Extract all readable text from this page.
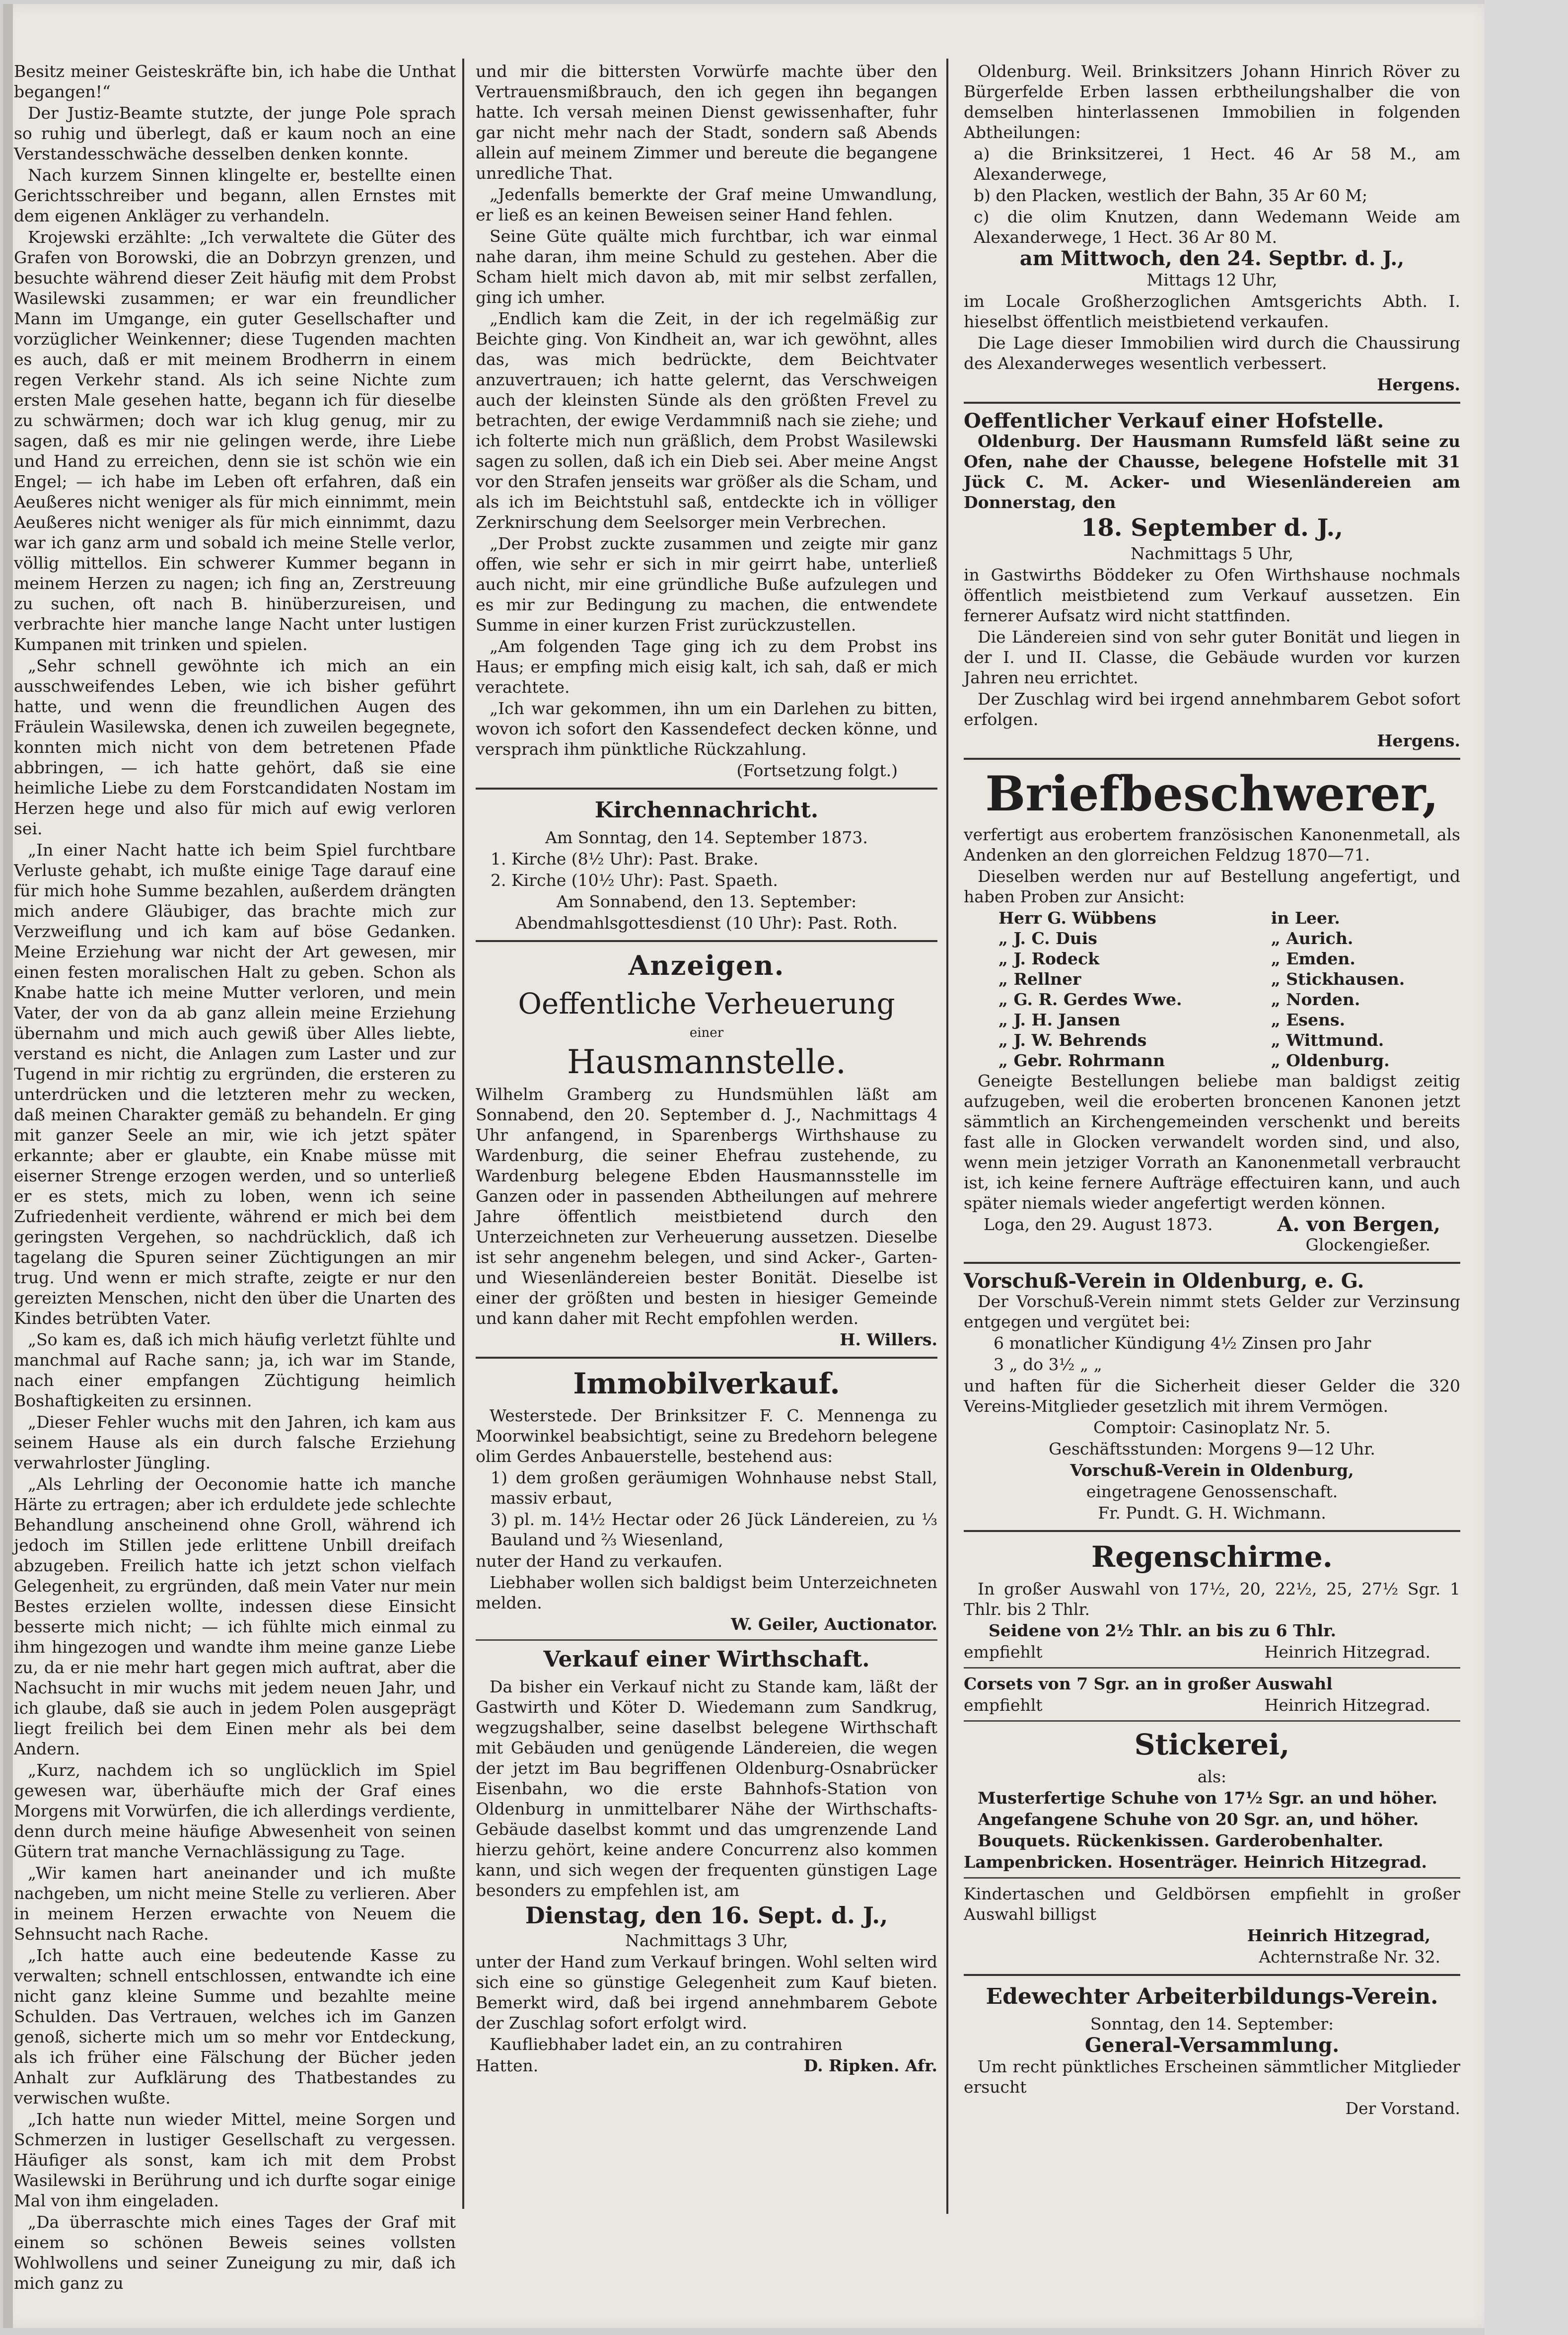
Besitz meiner Geisteskräfte bin, ich habe die Unthat begangen!“

Der Justiz-Beamte stutzte, der junge Pole sprach so ruhig und überlegt, daß er kaum noch an eine Verstandesschwäche desselben denken konnte.

Nach kurzem Sinnen klingelte er, bestellte einen Gerichtsschreiber und begann, allen Ernstes mit dem eigenen Ankläger zu verhandeln.

Krojewski erzählte: „Ich verwaltete die Güter des Grafen von Borowski, die an Dobrzyn grenzen, und besuchte während dieser Zeit häufig mit dem Probst Wasilewski zusammen; er war ein freundlicher Mann im Umgange, ein guter Gesellschafter und vorzüglicher Weinkenner; diese Tugenden machten es auch, daß er mit meinem Brodherrn in einem regen Verkehr stand. Als ich seine Nichte zum ersten Male gesehen hatte, begann ich für dieselbe zu schwärmen; doch war ich klug genug, mir zu sagen, daß es mir nie gelingen werde, ihre Liebe und Hand zu erreichen, denn sie ist schön wie ein Engel; — ich habe im Leben oft erfahren, daß ein Aeußeres nicht weniger als für mich einnimmt, mein Aeußeres nicht weniger als für mich einnimmt, dazu war ich ganz arm und sobald ich meine Stelle verlor, völlig mittellos. Ein schwerer Kummer begann in meinem Herzen zu nagen; ich fing an, Zerstreuung zu suchen, oft nach B. hinüberzureisen, und verbrachte hier manche lange Nacht unter lustigen Kumpanen mit trinken und spielen.

„Sehr schnell gewöhnte ich mich an ein ausschweifendes Leben, wie ich bisher geführt hatte, und wenn die freundlichen Augen des Fräulein Wasilewska, denen ich zuweilen begegnete, konnten mich nicht von dem betretenen Pfade abbringen, — ich hatte gehört, daß sie eine heimliche Liebe zu dem Forstcandidaten Nostam im Herzen hege und also für mich auf ewig verloren sei.

„In einer Nacht hatte ich beim Spiel furchtbare Verluste gehabt, ich mußte einige Tage darauf eine für mich hohe Summe bezahlen, außerdem drängten mich andere Gläubiger, das brachte mich zur Verzweiflung und ich kam auf böse Gedanken. Meine Erziehung war nicht der Art gewesen, mir einen festen moralischen Halt zu geben. Schon als Knabe hatte ich meine Mutter verloren, und mein Vater, der von da ab ganz allein meine Erziehung übernahm und mich auch gewiß über Alles liebte, verstand es nicht, die Anlagen zum Laster und zur Tugend in mir richtig zu ergründen, die ersteren zu unterdrücken und die letzteren mehr zu wecken, daß meinen Charakter gemäß zu behandeln. Er ging mit ganzer Seele an mir, wie ich jetzt später erkannte; aber er glaubte, ein Knabe müsse mit eiserner Strenge erzogen werden, und so unterließ er es stets, mich zu loben, wenn ich seine Zufriedenheit verdiente, während er mich bei dem geringsten Vergehen, so nachdrücklich, daß ich tagelang die Spuren seiner Züchtigungen an mir trug. Und wenn er mich strafte, zeigte er nur den gereizten Menschen, nicht den über die Unarten des Kindes betrübten Vater.

„So kam es, daß ich mich häufig verletzt fühlte und manchmal auf Rache sann; ja, ich war im Stande, nach einer empfangen Züchtigung heimlich Boshaftigkeiten zu ersinnen.

„Dieser Fehler wuchs mit den Jahren, ich kam aus seinem Hause als ein durch falsche Erziehung verwahrloster Jüngling.

„Als Lehrling der Oeconomie hatte ich manche Härte zu ertragen; aber ich erduldete jede schlechte Behandlung anscheinend ohne Groll, während ich jedoch im Stillen jede erlittene Unbill dreifach abzugeben. Freilich hatte ich jetzt schon vielfach Gelegenheit, zu ergründen, daß mein Vater nur mein Bestes erzielen wollte, indessen diese Einsicht besserte mich nicht; — ich fühlte mich einmal zu ihm hingezogen und wandte ihm meine ganze Liebe zu, da er nie mehr hart gegen mich auftrat, aber die Nachsucht in mir wuchs mit jedem neuen Jahr, und ich glaube, daß sie auch in jedem Polen ausgeprägt liegt freilich bei dem Einen mehr als bei dem Andern.

„Kurz, nachdem ich so unglücklich im Spiel gewesen war, überhäufte mich der Graf eines Morgens mit Vorwürfen, die ich allerdings verdiente, denn durch meine häufige Abwesenheit von seinen Gütern trat manche Vernachlässigung zu Tage.

„Wir kamen hart aneinander und ich mußte nachgeben, um nicht meine Stelle zu verlieren. Aber in meinem Herzen erwachte von Neuem die Sehnsucht nach Rache.

„Ich hatte auch eine bedeutende Kasse zu verwalten; schnell entschlossen, entwandte ich eine nicht ganz kleine Summe und bezahlte meine Schulden. Das Vertrauen, welches ich im Ganzen genoß, sicherte mich um so mehr vor Entdeckung, als ich früher eine Fälschung der Bücher jeden Anhalt zur Aufklärung des Thatbestandes zu verwischen wußte.

„Ich hatte nun wieder Mittel, meine Sorgen und Schmerzen in lustiger Gesellschaft zu vergessen. Häufiger als sonst, kam ich mit dem Probst Wasilewski in Berührung und ich durfte sogar einige Mal von ihm eingeladen.

„Da überraschte mich eines Tages der Graf mit einem so schönen Beweis seines vollsten Wohlwollens und seiner Zuneigung zu mir, daß ich mich ganz zu

und mir die bittersten Vorwürfe machte über den Vertrauensmißbrauch, den ich gegen ihn begangen hatte. Ich versah meinen Dienst gewissenhafter, fuhr gar nicht mehr nach der Stadt, sondern saß Abends allein auf meinem Zimmer und bereute die begangene unredliche That.

„Jedenfalls bemerkte der Graf meine Umwandlung, er ließ es an keinen Beweisen seiner Hand fehlen.

Seine Güte quälte mich furchtbar, ich war einmal nahe daran, ihm meine Schuld zu gestehen. Aber die Scham hielt mich davon ab, mit mir selbst zerfallen, ging ich umher.

„Endlich kam die Zeit, in der ich regelmäßig zur Beichte ging. Von Kindheit an, war ich gewöhnt, alles das, was mich bedrückte, dem Beichtvater anzuvertrauen; ich hatte gelernt, das Verschweigen auch der kleinsten Sünde als den größten Frevel zu betrachten, der ewige Verdammniß nach sie ziehe; und ich folterte mich nun gräßlich, dem Probst Wasilewski sagen zu sollen, daß ich ein Dieb sei. Aber meine Angst vor den Strafen jenseits war größer als die Scham, und als ich im Beichtstuhl saß, entdeckte ich in völliger Zerknirschung dem Seelsorger mein Verbrechen.

„Der Probst zuckte zusammen und zeigte mir ganz offen, wie sehr er sich in mir geirrt habe, unterließ auch nicht, mir eine gründliche Buße aufzulegen und es mir zur Bedingung zu machen, die entwendete Summe in einer kurzen Frist zurückzustellen.

„Am folgenden Tage ging ich zu dem Probst ins Haus; er empfing mich eisig kalt, ich sah, daß er mich verachtete.

„Ich war gekommen, ihn um ein Darlehen zu bitten, wovon ich sofort den Kassendefect decken könne, und versprach ihm pünktliche Rückzahlung.

(Fortsetzung folgt.)

Kirchennachricht.

Am Sonntag, den 14. September 1873.

1. Kirche (8½ Uhr): Past. Brake.

2. Kirche (10½ Uhr): Past. Spaeth.

Am Sonnabend, den 13. September:

Abendmahlsgottesdienst (10 Uhr): Past. Roth.

Anzeigen.
Oeffentliche Verheuerung
einer
Hausmannstelle.

Wilhelm Gramberg zu Hundsmühlen läßt am Sonnabend, den 20. September d. J., Nachmittags 4 Uhr anfangend, in Sparenbergs Wirthshause zu Wardenburg, die seiner Ehefrau zustehende, zu Wardenburg belegene Ebden Hausmannsstelle im Ganzen oder in passenden Abtheilungen auf mehrere Jahre öffentlich meistbietend durch den Unterzeichneten zur Verheuerung aussetzen. Dieselbe ist sehr angenehm belegen, und sind Acker-, Garten- und Wiesenländereien bester Bonität. Dieselbe ist einer der größten und besten in hiesiger Gemeinde und kann daher mit Recht empfohlen werden.

H. Willers.

Immobilverkauf.

Westerstede. Der Brinksitzer F. C. Mennenga zu Moorwinkel beabsichtigt, seine zu Bredehorn belegene olim Gerdes Anbauerstelle, bestehend aus:

1) dem großen geräumigen Wohnhause nebst Stall, massiv erbaut,

3) pl. m. 14½ Hectar oder 26 Jück Ländereien, zu ⅓ Bauland und ⅔ Wiesenland,

nuter der Hand zu verkaufen.

Liebhaber wollen sich baldigst beim Unterzeichneten melden.

W. Geiler, Auctionator.

Verkauf einer Wirthschaft.

Da bisher ein Verkauf nicht zu Stande kam, läßt der Gastwirth und Köter D. Wiedemann zum Sandkrug, wegzugshalber, seine daselbst belegene Wirthschaft mit Gebäuden und genügende Ländereien, die wegen der jetzt im Bau begriffenen Oldenburg-Osnabrücker Eisenbahn, wo die erste Bahnhofs-Station von Oldenburg in unmittelbarer Nähe der Wirthschafts-Gebäude daselbst kommt und das umgrenzende Land hierzu gehört, keine andere Concurrenz also kommen kann, und sich wegen der frequenten günstigen Lage besonders zu empfehlen ist, am

Dienstag, den 16. Sept. d. J.,

Nachmittags 3 Uhr,

unter der Hand zum Verkauf bringen. Wohl selten wird sich eine so günstige Gelegenheit zum Kauf bieten. Bemerkt wird, daß bei irgend annehmbarem Gebote der Zuschlag sofort erfolgt wird.

Kaufliebhaber ladet ein, an zu contrahiren

Hatten.	D. Ripken. Afr.

Oldenburg. Weil. Brinksitzers Johann Hinrich Röver zu Bürgerfelde Erben lassen erbtheilungshalber die von demselben hinterlassenen Immobilien in folgenden Abtheilungen:

a) die Brinksitzerei, 1 Hect. 46 Ar 58 M., am Alexanderwege,

b) den Placken, westlich der Bahn, 35 Ar 60 M;

c) die olim Knutzen, dann Wedemann Weide am Alexanderwege, 1 Hect. 36 Ar 80 M.

am Mittwoch, den 24. Septbr. d. J.,

Mittags 12 Uhr,

im Locale Großherzoglichen Amtsgerichts Abth. I. hieselbst öffentlich meistbietend verkaufen.

Die Lage dieser Immobilien wird durch die Chaussirung des Alexanderweges wesentlich verbessert.

Hergens.

Oeffentlicher Verkauf einer Hofstelle.

Oldenburg. Der Hausmann Rumsfeld läßt seine zu Ofen, nahe der Chausse, belegene Hofstelle mit 31 Jück C. M. Acker- und Wiesenländereien am Donnerstag, den

18. September d. J.,

Nachmittags 5 Uhr,

in Gastwirths Böddeker zu Ofen Wirthshause nochmals öffentlich meistbietend zum Verkauf aussetzen. Ein fernerer Aufsatz wird nicht stattfinden.

Die Ländereien sind von sehr guter Bonität und liegen in der I. und II. Classe, die Gebäude wurden vor kurzen Jahren neu errichtet.

Der Zuschlag wird bei irgend annehmbarem Gebot sofort erfolgen.

Hergens.

Briefbeschwerer,

verfertigt aus erobertem französischen Kanonenmetall, als Andenken an den glorreichen Feldzug 1870—71.

Dieselben werden nur auf Bestellung angefertigt, und haben Proben zur Ansicht:

Herr G. Wübbens	in Leer.
„ J. C. Duis	„ Aurich.
„ J. Rodeck	„ Emden.
„ Rellner	„ Stickhausen.
„ G. R. Gerdes Wwe.	„ Norden.
„ J. H. Jansen	„ Esens.
„ J. W. Behrends	„ Wittmund.
„ Gebr. Rohrmann	„ Oldenburg.

Geneigte Bestellungen beliebe man baldigst zeitig aufzugeben, weil die eroberten broncenen Kanonen jetzt sämmtlich an Kirchengemeinden verschenkt und bereits fast alle in Glocken verwandelt worden sind, und also, wenn mein jetziger Vorrath an Kanonenmetall verbraucht ist, ich keine fernere Aufträge effectuiren kann, und auch später niemals wieder angefertigt werden können.

Loga, den 29. August 1873.	A. von Bergen,

Glockengießer.

Vorschuß-Verein in Oldenburg, e. G.

Der Vorschuß-Verein nimmt stets Gelder zur Verzinsung entgegen und vergütet bei:

6 monatlicher Kündigung 4½ Zinsen pro Jahr

3 „ do 3½ „ „

und haften für die Sicherheit dieser Gelder die 320 Vereins-Mitglieder gesetzlich mit ihrem Vermögen.

Comptoir: Casinoplatz Nr. 5.

Geschäftsstunden: Morgens 9—12 Uhr.

Vorschuß-Verein in Oldenburg,

eingetragene Genossenschaft.

Fr. Pundt. G. H. Wichmann.

Regenschirme.

In großer Auswahl von 17½, 20, 22½, 25, 27½ Sgr. 1 Thlr. bis 2 Thlr.

Seidene von 2½ Thlr. an bis zu 6 Thlr.

empfiehlt	Heinrich Hitzegrad.

Corsets von 7 Sgr. an in großer Auswahl

empfiehlt	Heinrich Hitzegrad.
Stickerei,

als:

Musterfertige Schuhe von 17½ Sgr. an und höher.

Angefangene Schuhe von 20 Sgr. an, und höher.

Bouquets. Rückenkissen. Garderobenhalter.

Lampenbricken. Hosenträger. Heinrich Hitzegrad.

Kindertaschen und Geldbörsen empfiehlt in großer Auswahl billigst

Heinrich Hitzegrad,

Achternstraße Nr. 32.

Edewechter Arbeiterbildungs-Verein.

Sonntag, den 14. September:

General-Versammlung.

Um recht pünktliches Erscheinen sämmtlicher Mitglieder ersucht

Der Vorstand.
